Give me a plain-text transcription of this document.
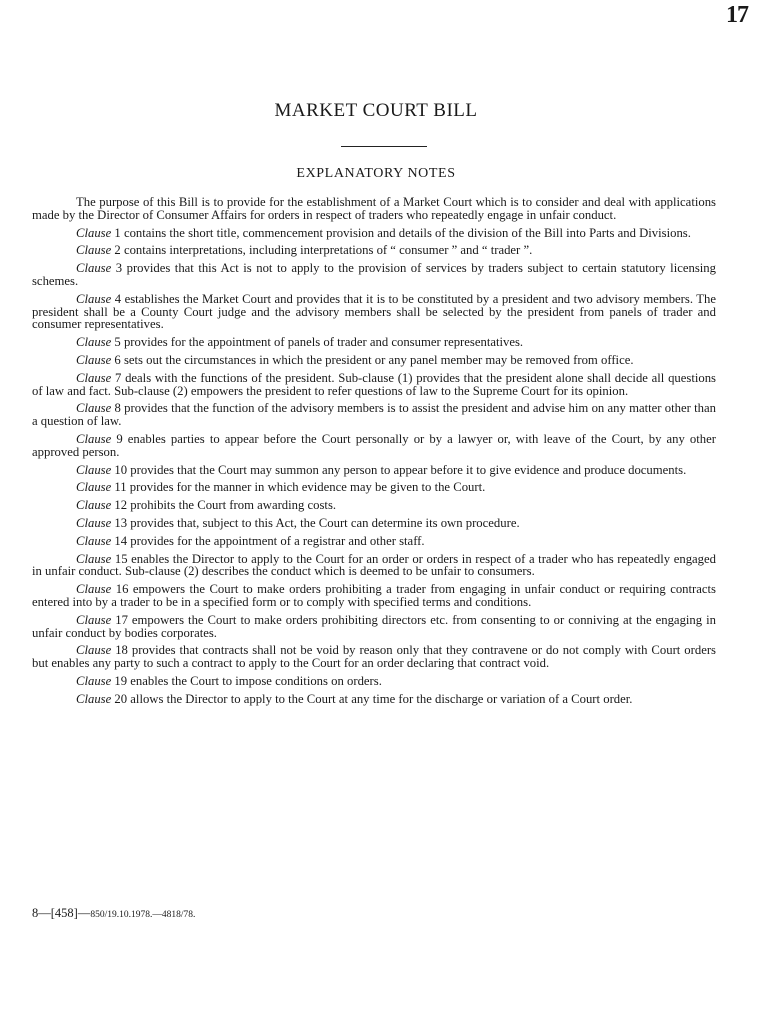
17
MARKET COURT BILL
EXPLANATORY NOTES

The purpose of this Bill is to provide for the establishment of a Market Court which is to consider and deal with applications made by the Director of Consumer Affairs for orders in respect of traders who repeatedly engage in unfair conduct.

Clause 1 contains the short title, commencement provision and details of the division of the Bill into Parts and Divisions.

Clause 2 contains interpretations, including interpretations of “ consumer ” and “ trader ”.

Clause 3 provides that this Act is not to apply to the provision of services by traders subject to certain statutory licensing schemes.

Clause 4 establishes the Market Court and provides that it is to be constituted by a president and two advisory members. The president shall be a County Court judge and the advisory members shall be selected by the president from panels of trader and consumer representatives.

Clause 5 provides for the appointment of panels of trader and consumer representatives.

Clause 6 sets out the circumstances in which the president or any panel member may be removed from office.

Clause 7 deals with the functions of the president. Sub-clause (1) provides that the president alone shall decide all questions of law and fact. Sub-clause (2) empowers the president to refer questions of law to the Supreme Court for its opinion.

Clause 8 provides that the function of the advisory members is to assist the president and advise him on any matter other than a question of law.

Clause 9 enables parties to appear before the Court personally or by a lawyer or, with leave of the Court, by any other approved person.

Clause 10 provides that the Court may summon any person to appear before it to give evidence and produce documents.

Clause 11 provides for the manner in which evidence may be given to the Court.

Clause 12 prohibits the Court from awarding costs.

Clause 13 provides that, subject to this Act, the Court can determine its own procedure.

Clause 14 provides for the appointment of a registrar and other staff.

Clause 15 enables the Director to apply to the Court for an order or orders in respect of a trader who has repeatedly engaged in unfair conduct. Sub-clause (2) describes the conduct which is deemed to be unfair to consumers.

Clause 16 empowers the Court to make orders prohibiting a trader from engaging in unfair conduct or requiring contracts entered into by a trader to be in a specified form or to comply with specified terms and conditions.

Clause 17 empowers the Court to make orders prohibiting directors etc. from consenting to or conniving at the engaging in unfair conduct by bodies corporates.

Clause 18 provides that contracts shall not be void by reason only that they contravene or do not comply with Court orders but enables any party to such a contract to apply to the Court for an order declaring that contract void.

Clause 19 enables the Court to impose conditions on orders.

Clause 20 allows the Director to apply to the Court at any time for the discharge or variation of a Court order.

8—[458]—850/19.10.1978.—4818/78.
